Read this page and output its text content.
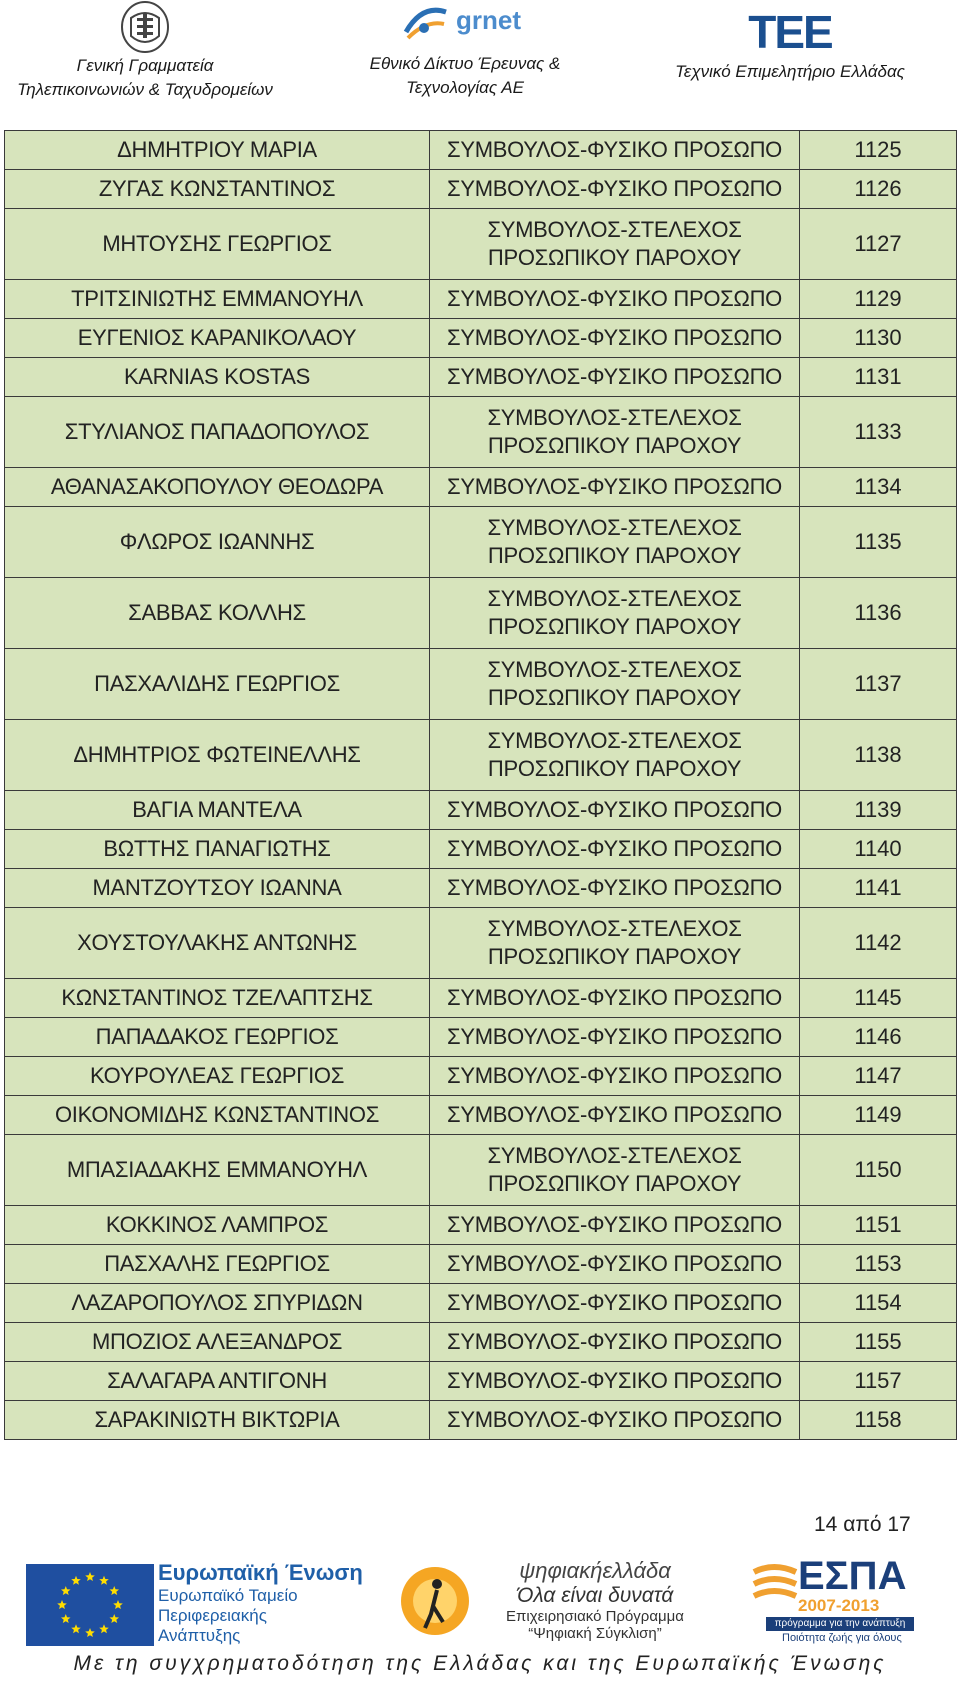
Γενική Γραμματεία
Τηλεπικοινωνιών & Ταχυδρομείων
grnet
Εθνικό Δίκτυο Έρευνας &
Τεχνολογίας ΑΕ
TEE
Τεχνικό Επιμελητήριο Ελλάδας
ΔΗΜΗΤΡΙΟΥ ΜΑΡΙΑ	ΣΥΜΒΟΥΛΟΣ-ΦΥΣΙΚΟ ΠΡΟΣΩΠΟ	1125
ΖΥΓΑΣ ΚΩΝΣΤΑΝΤΙΝΟΣ	ΣΥΜΒΟΥΛΟΣ-ΦΥΣΙΚΟ ΠΡΟΣΩΠΟ	1126
ΜΗΤΟΥΣΗΣ ΓΕΩΡΓΙΟΣ	ΣΥΜΒΟΥΛΟΣ-ΣΤΕΛΕΧΟΣ
ΠΡΟΣΩΠΙΚΟΥ ΠΑΡΟΧΟΥ	1127
ΤΡΙΤΣΙΝΙΩΤΗΣ ΕΜΜΑΝΟΥΗΛ	ΣΥΜΒΟΥΛΟΣ-ΦΥΣΙΚΟ ΠΡΟΣΩΠΟ	1129
ΕΥΓΕΝΙΟΣ ΚΑΡΑΝΙΚΟΛΑΟΥ	ΣΥΜΒΟΥΛΟΣ-ΦΥΣΙΚΟ ΠΡΟΣΩΠΟ	1130
KARNIAS KOSTAS	ΣΥΜΒΟΥΛΟΣ-ΦΥΣΙΚΟ ΠΡΟΣΩΠΟ	1131
ΣΤΥΛΙΑΝΟΣ ΠΑΠΑΔΟΠΟΥΛΟΣ	ΣΥΜΒΟΥΛΟΣ-ΣΤΕΛΕΧΟΣ
ΠΡΟΣΩΠΙΚΟΥ ΠΑΡΟΧΟΥ	1133
ΑΘΑΝΑΣΑΚΟΠΟΥΛΟΥ ΘΕΟΔΩΡΑ	ΣΥΜΒΟΥΛΟΣ-ΦΥΣΙΚΟ ΠΡΟΣΩΠΟ	1134
ΦΛΩΡΟΣ ΙΩΑΝΝΗΣ	ΣΥΜΒΟΥΛΟΣ-ΣΤΕΛΕΧΟΣ
ΠΡΟΣΩΠΙΚΟΥ ΠΑΡΟΧΟΥ	1135
ΣΑΒΒΑΣ ΚΟΛΛΗΣ	ΣΥΜΒΟΥΛΟΣ-ΣΤΕΛΕΧΟΣ
ΠΡΟΣΩΠΙΚΟΥ ΠΑΡΟΧΟΥ	1136
ΠΑΣΧΑΛΙΔΗΣ ΓΕΩΡΓΙΟΣ	ΣΥΜΒΟΥΛΟΣ-ΣΤΕΛΕΧΟΣ
ΠΡΟΣΩΠΙΚΟΥ ΠΑΡΟΧΟΥ	1137
ΔΗΜΗΤΡΙΟΣ ΦΩΤΕΙΝΕΛΛΗΣ	ΣΥΜΒΟΥΛΟΣ-ΣΤΕΛΕΧΟΣ
ΠΡΟΣΩΠΙΚΟΥ ΠΑΡΟΧΟΥ	1138
ΒΑΓΙΑ ΜΑΝΤΕΛΑ	ΣΥΜΒΟΥΛΟΣ-ΦΥΣΙΚΟ ΠΡΟΣΩΠΟ	1139
ΒΩΤΤΗΣ ΠΑΝΑΓΙΩΤΗΣ	ΣΥΜΒΟΥΛΟΣ-ΦΥΣΙΚΟ ΠΡΟΣΩΠΟ	1140
ΜΑΝΤΖΟΥΤΣΟΥ ΙΩΑΝΝΑ	ΣΥΜΒΟΥΛΟΣ-ΦΥΣΙΚΟ ΠΡΟΣΩΠΟ	1141
ΧΟΥΣΤΟΥΛΑΚΗΣ ΑΝΤΩΝΗΣ	ΣΥΜΒΟΥΛΟΣ-ΣΤΕΛΕΧΟΣ
ΠΡΟΣΩΠΙΚΟΥ ΠΑΡΟΧΟΥ	1142
ΚΩΝΣΤΑΝΤΙΝΟΣ ΤΖΕΛΑΠΤΣΗΣ	ΣΥΜΒΟΥΛΟΣ-ΦΥΣΙΚΟ ΠΡΟΣΩΠΟ	1145
ΠΑΠΑΔΑΚΟΣ ΓΕΩΡΓΙΟΣ	ΣΥΜΒΟΥΛΟΣ-ΦΥΣΙΚΟ ΠΡΟΣΩΠΟ	1146
ΚΟΥΡΟΥΛΕΑΣ ΓΕΩΡΓΙΟΣ	ΣΥΜΒΟΥΛΟΣ-ΦΥΣΙΚΟ ΠΡΟΣΩΠΟ	1147
ΟΙΚΟΝΟΜΙΔΗΣ ΚΩΝΣΤΑΝΤΙΝΟΣ	ΣΥΜΒΟΥΛΟΣ-ΦΥΣΙΚΟ ΠΡΟΣΩΠΟ	1149
ΜΠΑΣΙΑΔΑΚΗΣ ΕΜΜΑΝΟΥΗΛ	ΣΥΜΒΟΥΛΟΣ-ΣΤΕΛΕΧΟΣ
ΠΡΟΣΩΠΙΚΟΥ ΠΑΡΟΧΟΥ	1150
ΚΟΚΚΙΝΟΣ ΛΑΜΠΡΟΣ	ΣΥΜΒΟΥΛΟΣ-ΦΥΣΙΚΟ ΠΡΟΣΩΠΟ	1151
ΠΑΣΧΑΛΗΣ ΓΕΩΡΓΙΟΣ	ΣΥΜΒΟΥΛΟΣ-ΦΥΣΙΚΟ ΠΡΟΣΩΠΟ	1153
ΛΑΖΑΡΟΠΟΥΛΟΣ ΣΠΥΡΙΔΩΝ	ΣΥΜΒΟΥΛΟΣ-ΦΥΣΙΚΟ ΠΡΟΣΩΠΟ	1154
ΜΠΟΖΙΟΣ ΑΛΕΞΑΝΔΡΟΣ	ΣΥΜΒΟΥΛΟΣ-ΦΥΣΙΚΟ ΠΡΟΣΩΠΟ	1155
ΣΑΛΑΓΑΡΑ ΑΝΤΙΓΟΝΗ	ΣΥΜΒΟΥΛΟΣ-ΦΥΣΙΚΟ ΠΡΟΣΩΠΟ	1157
ΣΑΡΑΚΙΝΙΩΤΗ ΒΙΚΤΩΡΙΑ	ΣΥΜΒΟΥΛΟΣ-ΦΥΣΙΚΟ ΠΡΟΣΩΠΟ	1158
14 από 17
Ευρωπαϊκή Ένωση
Ευρωπαϊκό Ταμείο
Περιφερειακής
Ανάπτυξης
ψηφιακήελλάδα
Όλα είναι δυνατά
Επιχειρησιακό Πρόγραμμα
“Ψηφιακή Σύγκλιση”
ΕΣΠΑ
2007-2013
πρόγραμμα για την ανάπτυξη
Ποιότητα ζωής για όλους
Με τη συγχρηματοδότηση της Ελλάδας και της Ευρωπαϊκής Ένωσης
